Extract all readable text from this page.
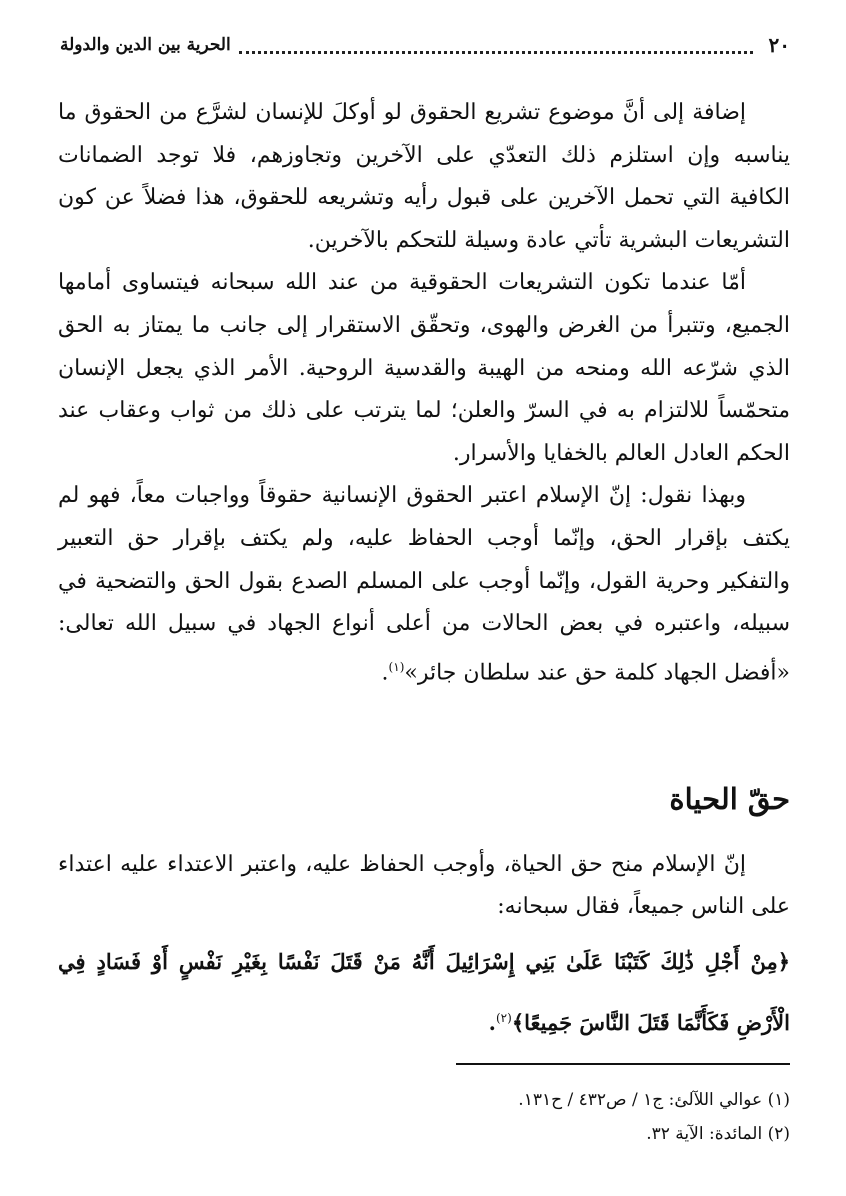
٢٠
الحرية بين الدين والدولة

إضافة إلى أنَّ موضوع تشريع الحقوق لو أوكلَ للإنسان لشرَّع من الحقوق ما يناسبه وإن استلزم ذلك التعدّي على الآخرين وتجاوزهم، فلا توجد الضمانات الكافية التي تحمل الآخرين على قبول رأيه وتشريعه للحقوق، هذا فضلاً عن كون التشريعات البشرية تأتي عادة وسيلة للتحكم بالآخرين.

أمّا عندما تكون التشريعات الحقوقية من عند الله سبحانه فيتساوى أمامها الجميع، وتتبرأ من الغرض والهوى، وتحقّق الاستقرار إلى جانب ما يمتاز به الحق الذي شرّعه الله ومنحه من الهيبة والقدسية الروحية. الأمر الذي يجعل الإنسان متحمّساً للالتزام به في السرّ والعلن؛ لما يترتب على ذلك من ثواب وعقاب عند الحكم العادل العالم بالخفايا والأسرار.

وبهذا نقول: إنّ الإسلام اعتبر الحقوق الإنسانية حقوقاً وواجبات معاً، فهو لم يكتف بإقرار الحق، وإنّما أوجب الحفاظ عليه، ولم يكتف بإقرار حق التعبير والتفكير وحرية القول، وإنّما أوجب على المسلم الصدع بقول الحق والتضحية في سبيله، واعتبره في بعض الحالات من أعلى أنواع الجهاد في سبيل الله تعالى: «أفضل الجهاد كلمة حق عند سلطان جائر»$^{(١)}$.

حقّ الحياة

إنّ الإسلام منح حق الحياة، وأوجب الحفاظ عليه، واعتبر الاعتداء عليه اعتداء على الناس جميعاً، فقال سبحانه:

﴿مِنْ أَجْلِ ذَٰلِكَ كَتَبْنَا عَلَىٰ بَنِي إِسْرَائِيلَ أَنَّهُ مَنْ قَتَلَ نَفْسًا بِغَيْرِ نَفْسٍ أَوْ فَسَادٍ فِي الْأَرْضِ فَكَأَنَّمَا قَتَلَ النَّاسَ جَمِيعًا﴾$^{(٢)}$.
(١) عوالي اللآلئ: ج١ / ص٤٣٢ / ح١٣١.
(٢) المائدة: الآية ٣٢.
